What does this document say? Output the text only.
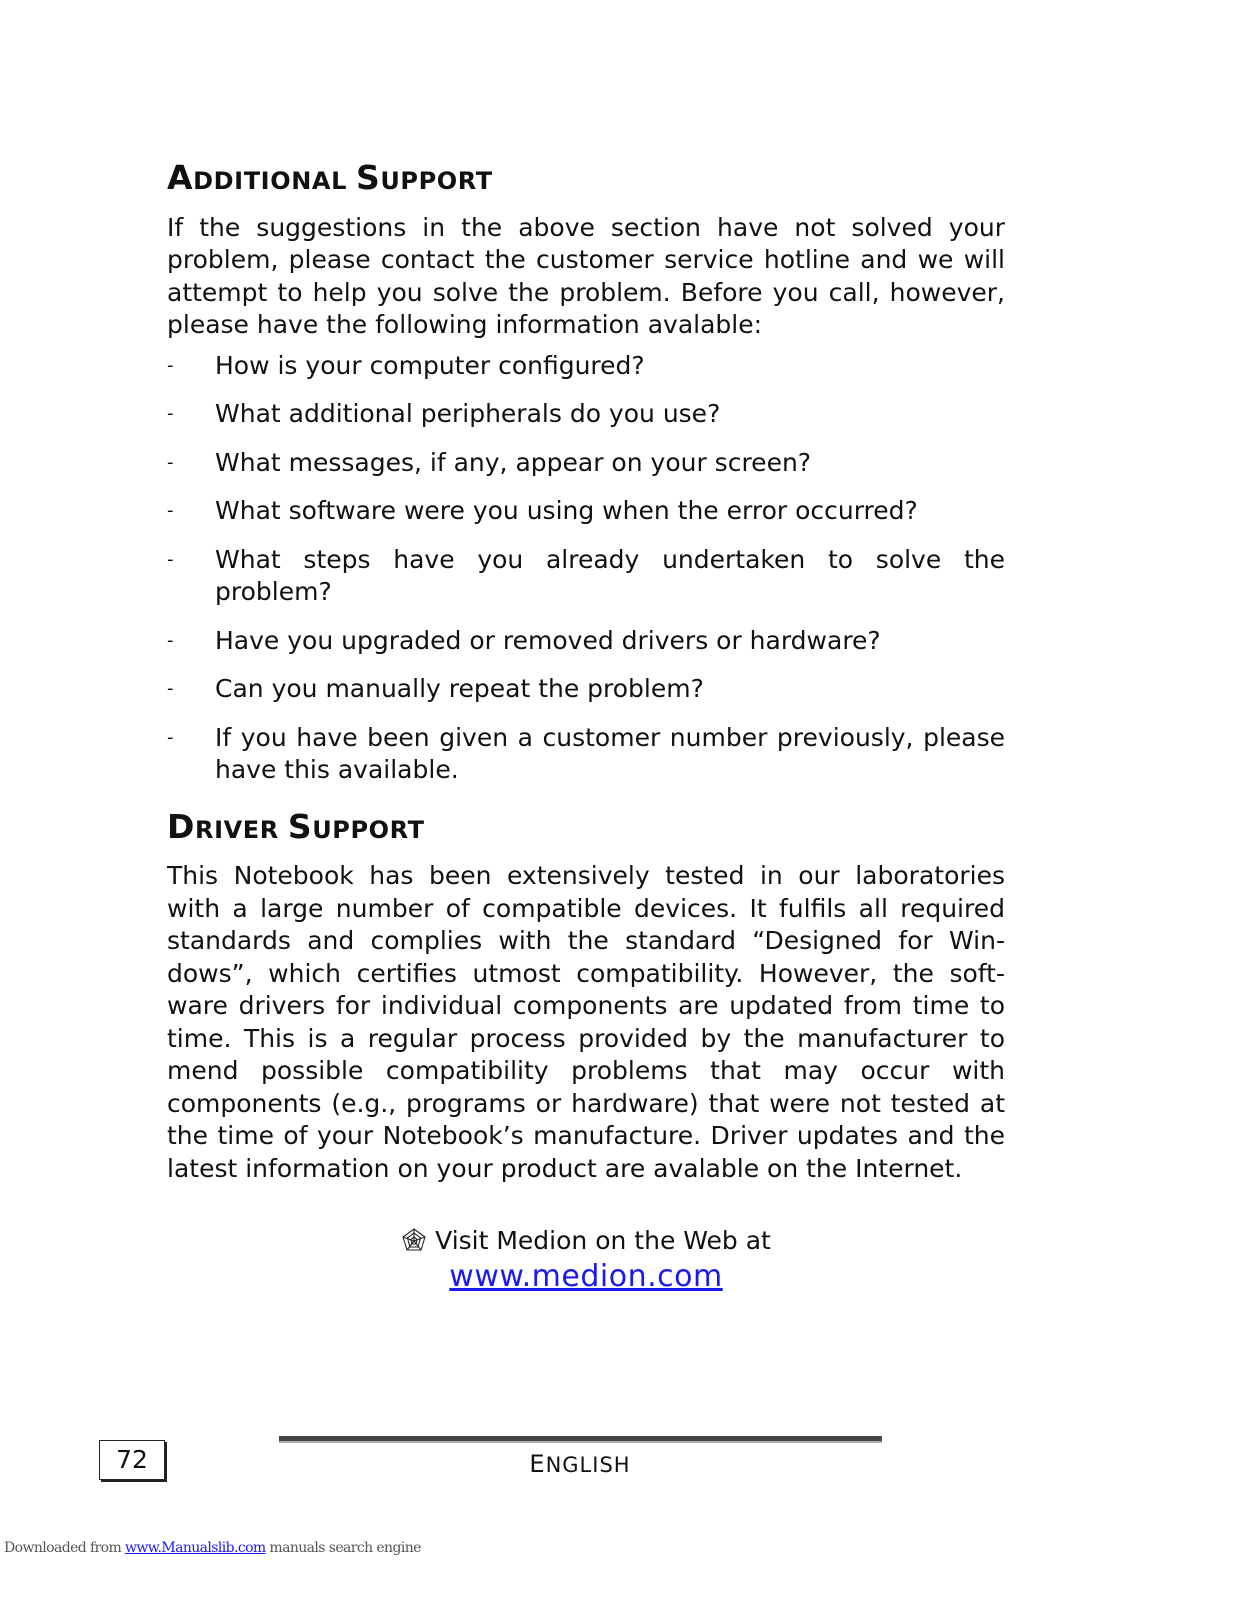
ADDITIONAL SUPPORT

If the suggestions in the above section have not solved your problem, please contact the customer service hotline and we will attempt to help you solve the problem. Before you call, however, please have the following information avalable:

- How is your computer configured?
- What additional peripherals do you use?
- What messages, if any, appear on your screen?
- What software were you using when the error occurred?
- What steps have you already undertaken to solve the problem?
- Have you upgraded or removed drivers or hardware?
- Can you manually repeat the problem?
- If you have been given a customer number previously, please have this available.
DRIVER SUPPORT

This Notebook has been extensively tested in our laboratories with a large number of compatible devices. It fulfils all required standards and complies with the standard “Designed for Win-dows”, which certifies utmost compatibility. However, the soft-ware drivers for individual components are updated from time to time. This is a regular process provided by the manufacturer to mend possible compatibility problems that may occur with components (e.g., programs or hardware) that were not tested at the time of your Notebook’s manufacture. Driver updates and the latest information on your product are avalable on the Internet.

Visit Medion on the Web at
www.medion.com
72	ENGLISH
Downloaded from www.Manualslib.com manuals search engine
